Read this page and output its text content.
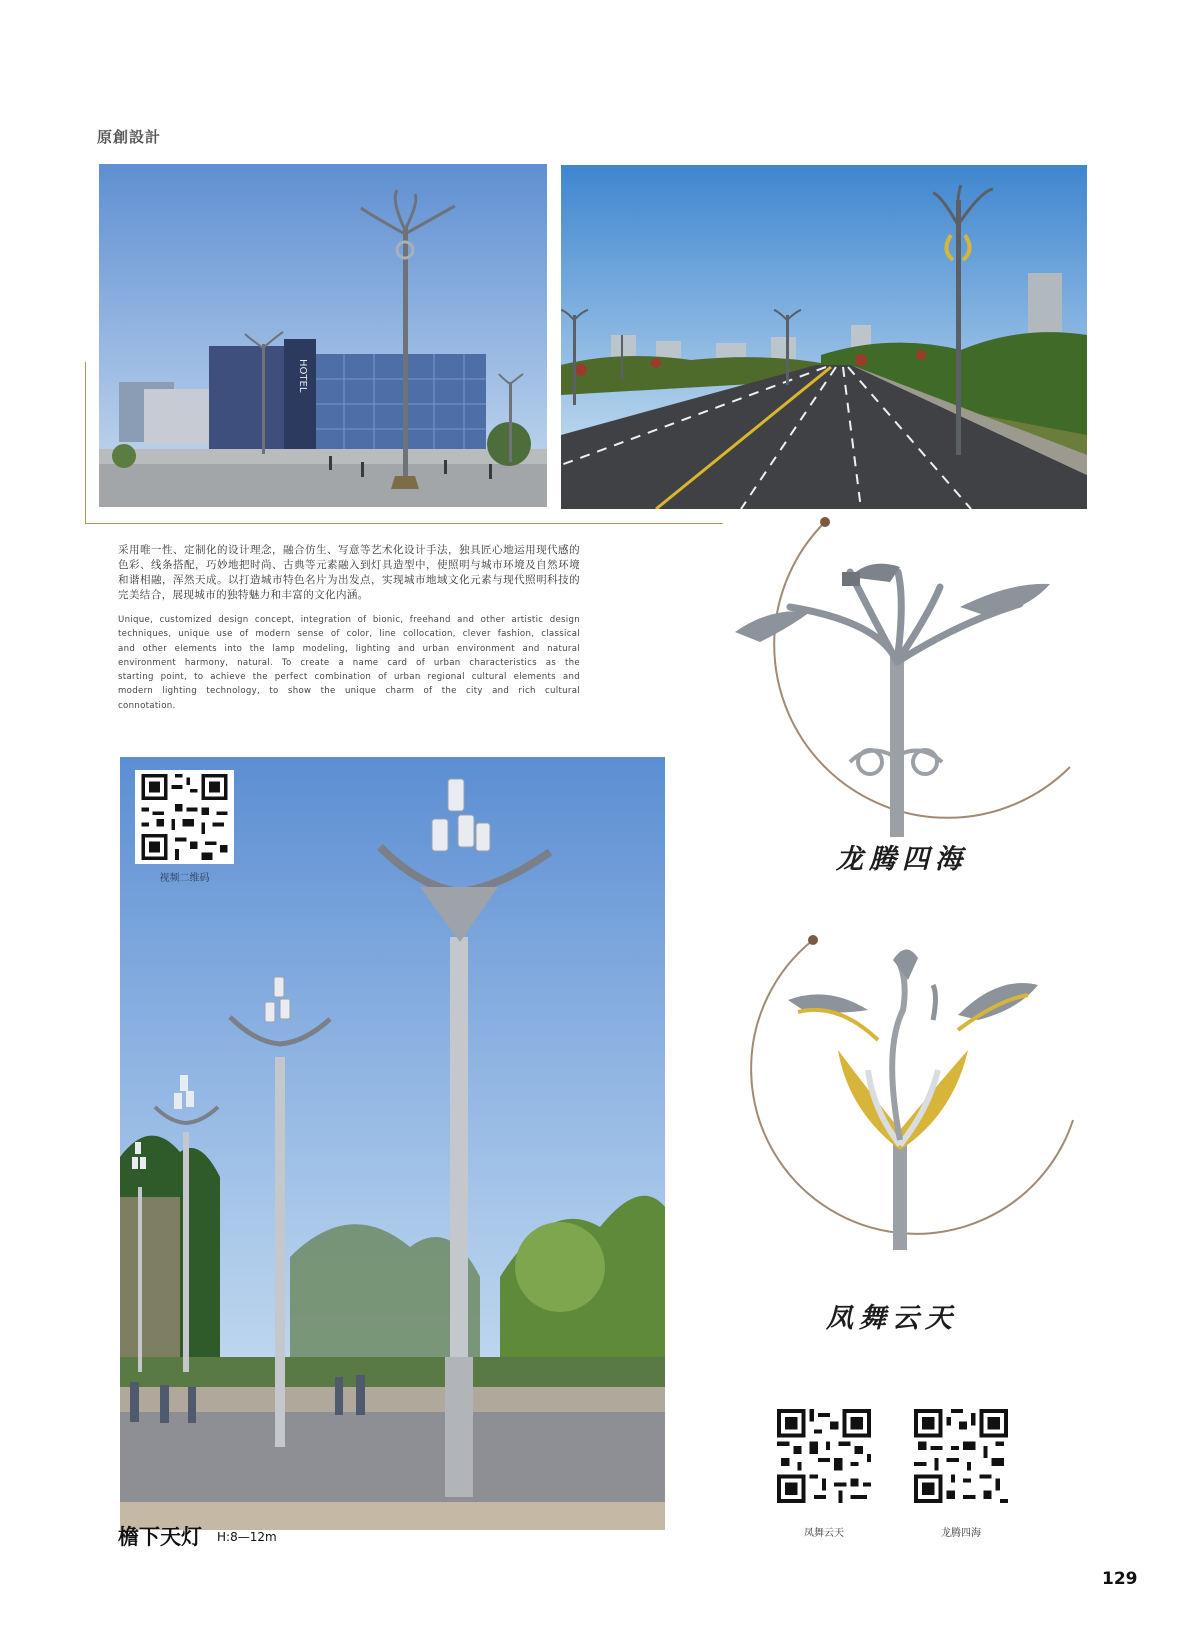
原創設計
HOTEL
采用唯一性、定制化的设计理念，融合仿生、写意等艺术化设计手法，独具匠心地运用现代感的色彩、线条搭配，巧妙地把时尚、古典等元素融入到灯具造型中，使照明与城市环境及自然环境和谐相融，浑然天成。以打造城市特色名片为出发点，实现城市地域文化元素与现代照明科技的完美结合，展现城市的独特魅力和丰富的文化内涵。
Unique, customized design concept, integration of bionic, freehand and other artistic design techniques, unique use of modern sense of color, line collocation, clever fashion, classical and other elements into the lamp modeling, lighting and urban environment and natural environment harmony, natural. To create a name card of urban characteristics as the starting point, to achieve the perfect combination of urban regional cultural elements and modern lighting technology, to show the unique charm of the city and rich cultural connotation.
龙腾四海
凤舞云天
视频二维码
凤舞云天	龙腾四海
檐下天灯 H:8—12m
129
